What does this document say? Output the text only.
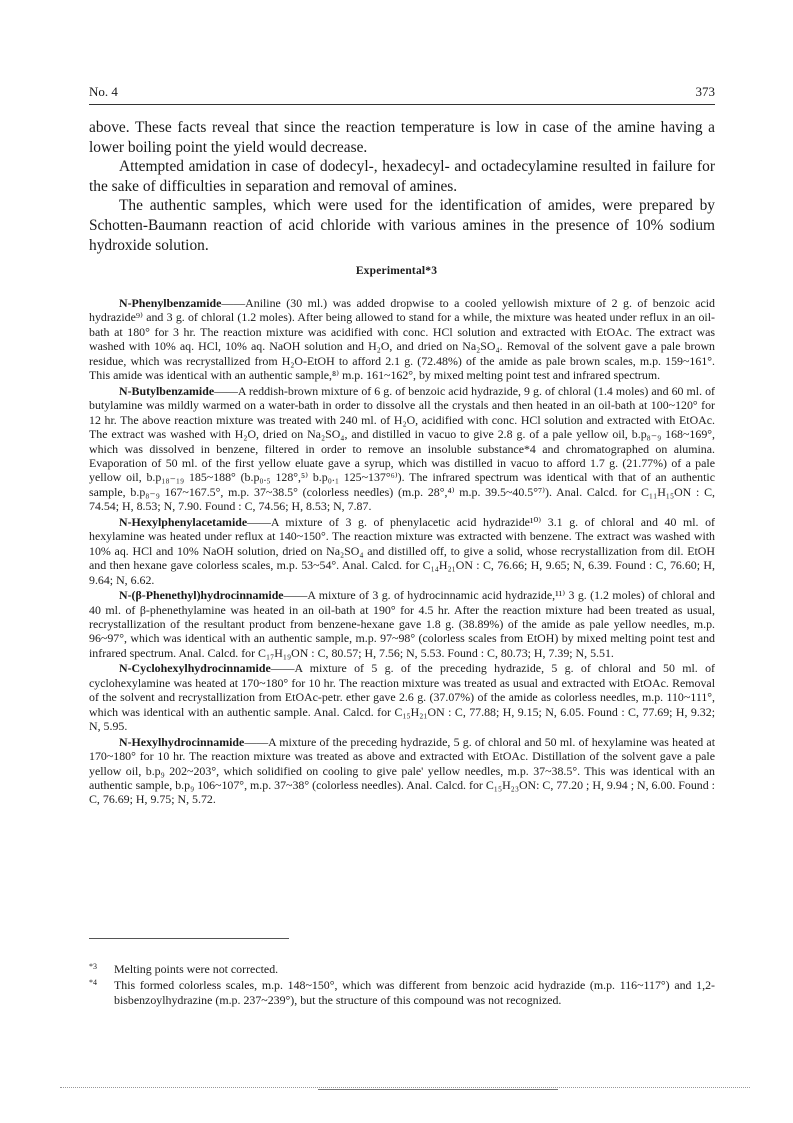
No. 4	373

above. These facts reveal that since the reaction temperature is low in case of the amine having a lower boiling point the yield would decrease.

Attempted amidation in case of dodecyl-, hexadecyl- and octadecylamine resulted in failure for the sake of difficulties in separation and removal of amines.

The authentic samples, which were used for the identification of amides, were prepared by Schotten-Baumann reaction of acid chloride with various amines in the presence of 10% sodium hydroxide solution.

Experimental*3

N-Phenylbenzamide——Aniline (30 ml.) was added dropwise to a cooled yellowish mixture of 2 g. of benzoic acid hydrazide⁹⁾ and 3 g. of chloral (1.2 moles). After being allowed to stand for a while, the mixture was heated under reflux in an oil-bath at 180° for 3 hr. The reaction mixture was acidified with conc. HCl solution and extracted with EtOAc. The extract was washed with 10% aq. HCl, 10% aq. NaOH solution and H₂O, and dried on Na₂SO₄. Removal of the solvent gave a pale brown residue, which was recrystallized from H₂O-EtOH to afford 2.1 g. (72.48%) of the amide as pale brown scales, m.p. 159~161°. This amide was identical with an authentic sample,⁸⁾ m.p. 161~162°, by mixed melting point test and infrared spectrum.

N-Butylbenzamide——A reddish-brown mixture of 6 g. of benzoic acid hydrazide, 9 g. of chloral (1.4 moles) and 60 ml. of butylamine was mildly warmed on a water-bath in order to dissolve all the crystals and then heated in an oil-bath at 100~120° for 12 hr. The above reaction mixture was treated with 240 ml. of H₂O, acidified with conc. HCl solution and extracted with EtOAc. The extract was washed with H₂O, dried on Na₂SO₄, and distilled in vacuo to give 2.8 g. of a pale yellow oil, b.p₈₋₉ 168~169°, which was dissolved in benzene, filtered in order to remove an insoluble substance*4 and chromatographed on alumina. Evaporation of 50 ml. of the first yellow eluate gave a syrup, which was distilled in vacuo to afford 1.7 g. (21.77%) of a pale yellow oil, b.p₁₈₋₁₉ 185~188° (b.p₀.₅ 128°,⁵⁾ b.p₀.₁ 125~137°⁶⁾). The infrared spectrum was identical with that of an authentic sample, b.p₈₋₉ 167~167.5°, m.p. 37~38.5° (colorless needles) (m.p. 28°,⁴⁾ m.p. 39.5~40.5°⁷⁾). Anal. Calcd. for C₁₁H₁₅ON : C, 74.54; H, 8.53; N, 7.90. Found : C, 74.56; H, 8.53; N, 7.87.

N-Hexylphenylacetamide——A mixture of 3 g. of phenylacetic acid hydrazide¹⁰⁾ 3.1 g. of chloral and 40 ml. of hexylamine was heated under reflux at 140~150°. The reaction mixture was extracted with benzene. The extract was washed with 10% aq. HCl and 10% NaOH solution, dried on Na₂SO₄ and distilled off, to give a solid, whose recrystallization from dil. EtOH and then hexane gave colorless scales, m.p. 53~54°. Anal. Calcd. for C₁₄H₂₁ON : C, 76.66; H, 9.65; N, 6.39. Found : C, 76.60; H, 9.64; N, 6.62.

N-(β-Phenethyl)hydrocinnamide——A mixture of 3 g. of hydrocinnamic acid hydrazide,¹¹⁾ 3 g. (1.2 moles) of chloral and 40 ml. of β-phenethylamine was heated in an oil-bath at 190° for 4.5 hr. After the reaction mixture had been treated as usual, recrystallization of the resultant product from benzene-hexane gave 1.8 g. (38.89%) of the amide as pale yellow needles, m.p. 96~97°, which was identical with an authentic sample, m.p. 97~98° (colorless scales from EtOH) by mixed melting point test and infrared spectrum. Anal. Calcd. for C₁₇H₁₉ON : C, 80.57; H, 7.56; N, 5.53. Found : C, 80.73; H, 7.39; N, 5.51.

N-Cyclohexylhydrocinnamide——A mixture of 5 g. of the preceding hydrazide, 5 g. of chloral and 50 ml. of cyclohexylamine was heated at 170~180° for 10 hr. The reaction mixture was treated as usual and extracted with EtOAc. Removal of the solvent and recrystallization from EtOAc-petr. ether gave 2.6 g. (37.07%) of the amide as colorless needles, m.p. 110~111°, which was identical with an authentic sample. Anal. Calcd. for C₁₅H₂₁ON : C, 77.88; H, 9.15; N, 6.05. Found : C, 77.69; H, 9.32; N, 5.95.

N-Hexylhydrocinnamide——A mixture of the preceding hydrazide, 5 g. of chloral and 50 ml. of hexylamine was heated at 170~180° for 10 hr. The reaction mixture was treated as above and extracted with EtOAc. Distillation of the solvent gave a pale yellow oil, b.p₉ 202~203°, which solidified on cooling to give pale' yellow needles, m.p. 37~38.5°. This was identical with an authentic sample, b.p₉ 106~107°, m.p. 37~38° (colorless needles). Anal. Calcd. for C₁₅H₂₃ON: C, 77.20 ; H, 9.94 ; N, 6.00. Found : C, 76.69; H, 9.75; N, 5.72.

*3 Melting points were not corrected.
*4 This formed colorless scales, m.p. 148~150°, which was different from benzoic acid hydrazide (m.p. 116~117°) and 1,2-bisbenzoylhydrazine (m.p. 237~239°), but the structure of this compound was not recognized.
